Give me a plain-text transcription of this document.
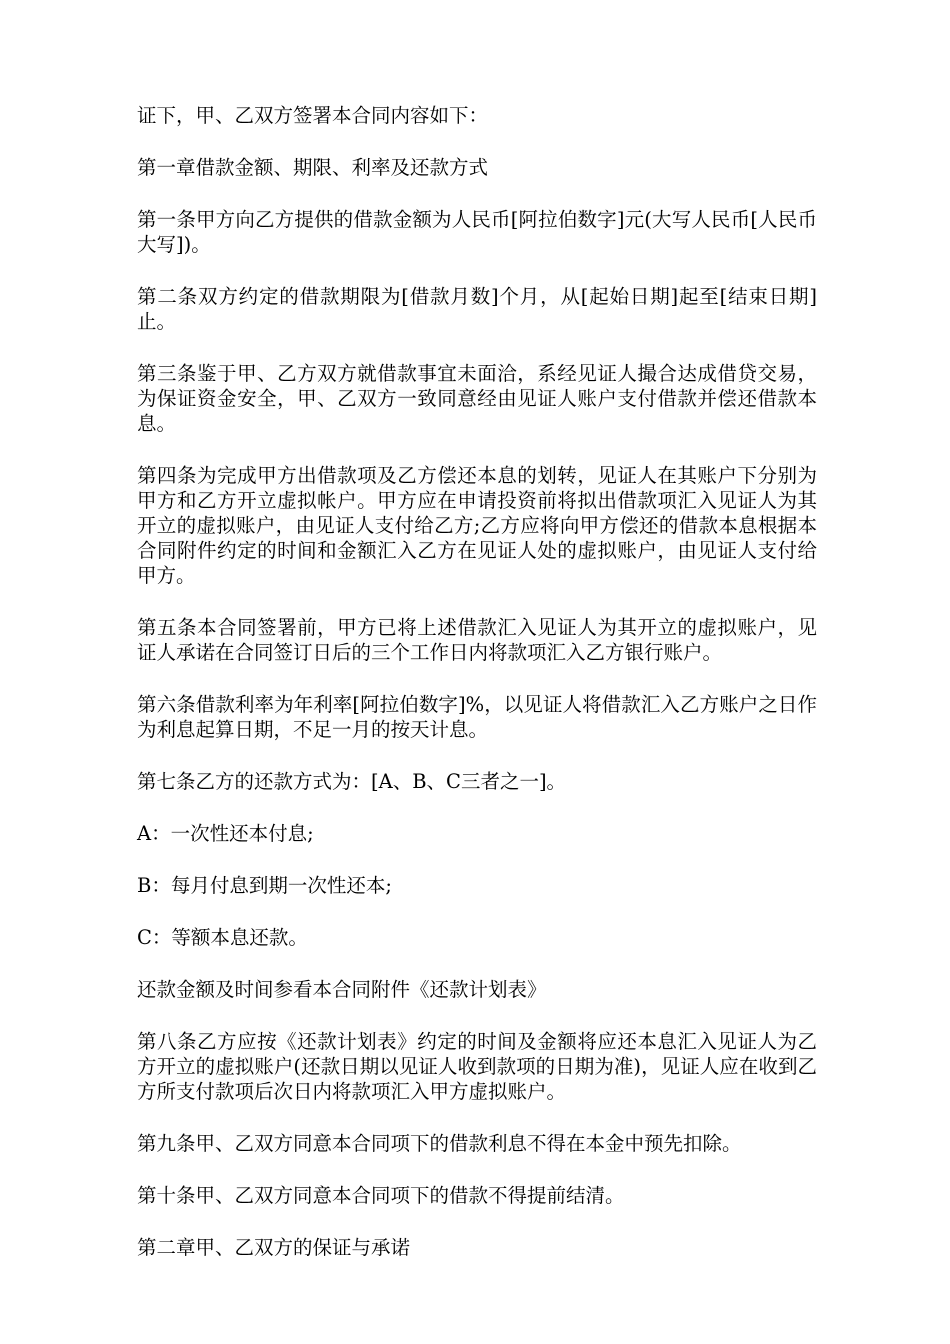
证下，甲、乙双方签署本合同内容如下：

第一章借款金额、期限、利率及还款方式

第一条甲方向乙方提供的借款金额为人民币[阿拉伯数字]元(大写人民币[人民币大写])。

第二条双方约定的借款期限为[借款月数]个月，从[起始日期]起至[结束日期]止。

第三条鉴于甲、乙方双方就借款事宜未面洽，系经见证人撮合达成借贷交易，为保证资金安全，甲、乙双方一致同意经由见证人账户支付借款并偿还借款本息。

第四条为完成甲方出借款项及乙方偿还本息的划转，见证人在其账户下分别为甲方和乙方开立虚拟帐户。甲方应在申请投资前将拟出借款项汇入见证人为其开立的虚拟账户，由见证人支付给乙方;乙方应将向甲方偿还的借款本息根据本合同附件约定的时间和金额汇入乙方在见证人处的虚拟账户，由见证人支付给甲方。

第五条本合同签署前，甲方已将上述借款汇入见证人为其开立的虚拟账户，见证人承诺在合同签订日后的三个工作日内将款项汇入乙方银行账户。

第六条借款利率为年利率[阿拉伯数字]%，以见证人将借款汇入乙方账户之日作为利息起算日期，不足一月的按天计息。

第七条乙方的还款方式为：[A、B、C三者之一]。

A：一次性还本付息;

B：每月付息到期一次性还本;

C：等额本息还款。

还款金额及时间参看本合同附件《还款计划表》

第八条乙方应按《还款计划表》约定的时间及金额将应还本息汇入见证人为乙方开立的虚拟账户(还款日期以见证人收到款项的日期为准)，见证人应在收到乙方所支付款项后次日内将款项汇入甲方虚拟账户。

第九条甲、乙双方同意本合同项下的借款利息不得在本金中预先扣除。

第十条甲、乙双方同意本合同项下的借款不得提前结清。

第二章甲、乙双方的保证与承诺
